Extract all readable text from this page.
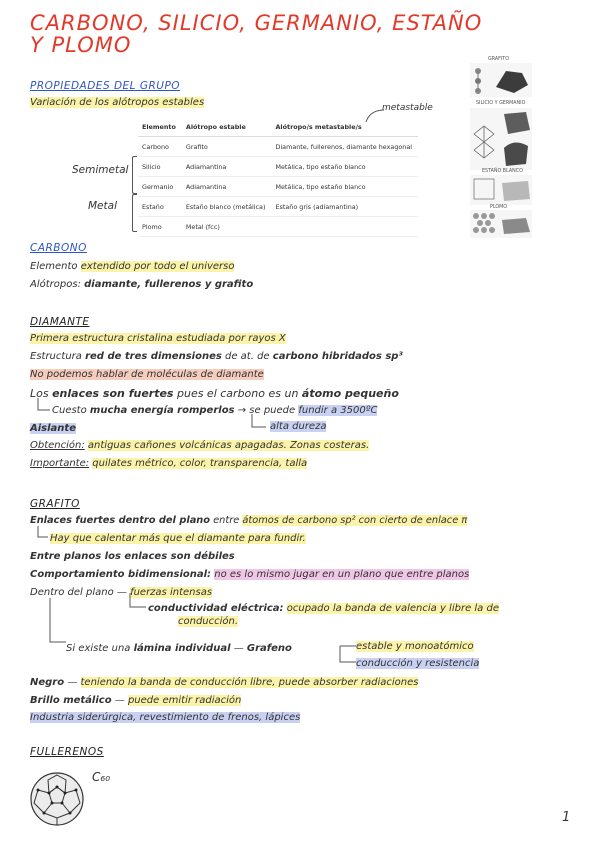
CARBONO, SILICIO, GERMANIO, ESTAÑO
Y PLOMO
PROPIEDADES DEL GRUPO
Variación de los alótropos estables	metastable
Elemento	Alótropo estable	Alótropo/s metastable/s
Carbono	Grafito	Diamante, fullerenos, diamante hexagonal
Silicio	Adiamantina	Metálica, tipo estaño blanco
Germanio	Adiamantina	Metálica, tipo estaño blanco
Estaño	Estaño blanco (metálica)	Estaño gris (adiamantina)
Plomo	Metal (fcc)	
Semimetal
Metal
GRAFITO
SILICIO Y GERMANIO
ESTAÑO BLANCO
PLOMO
CARBONO
Elemento extendido por todo el universo
Alótropos: diamante, fullerenos y grafito
DIAMANTE
Primera estructura cristalina estudiada por rayos X
Estructura red de tres dimensiones de at. de carbono hibridados sp³
No podemos hablar de moléculas de diamante
Los enlaces son fuertes pues el carbono es un átomo pequeño
Cuesto mucha energía romperlos → se puede fundir a 3500ºC
alta dureza
Aislante
Obtención: antiguas cañones volcánicas apagadas. Zonas costeras.
Importante: quilates métrico, color, transparencia, talla
GRAFITO
Enlaces fuertes dentro del plano entre átomos de carbono sp² con cierto de enlace π
Hay que calentar más que el diamante para fundir.
Entre planos los enlaces son débiles
Comportamiento bidimensional: no es lo mismo jugar en un plano que entre planos
Dentro del plano — fuerzas intensas
conductividad eléctrica: ocupado la banda de valencia y libre la de
conducción.
Si existe una lámina individual — Grafeno	estable y monoatómico
conducción y resistencia
Negro — teniendo la banda de conducción libre, puede absorber radiaciones
Brillo metálico — puede emitir radiación
Industria siderúrgica, revestimiento de frenos, lápices
FULLERENOS
C₆₀
1
